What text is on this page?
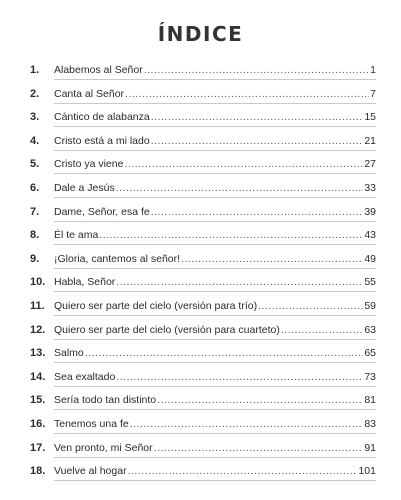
ÍNDICE
1.	Alabemos al Señor .....	1
2.	Canta al Señor .....	7
3.	Cántico de alabanza .....	15
4.	Cristo está a mi lado .....	21
5.	Cristo ya viene .....	27
6.	Dale a Jesús .....	33
7.	Dame, Señor, esa fe .....	39
8.	Él te ama .....	43
9.	¡Gloria, cantemos al señor! .....	49
10. Habla, Señor .....	55
11. Quiero ser parte del cielo (versión para trío) .....	59
12. Quiero ser parte del cielo (versión para cuarteto) .....	63
13. Salmo .....	65
14. Sea exaltado .....	73
15. Sería todo tan distinto .....	81
16. Tenemos una fe .....	83
17. Ven pronto, mi Señor .....	91
18. Vuelve al hogar .....	101
